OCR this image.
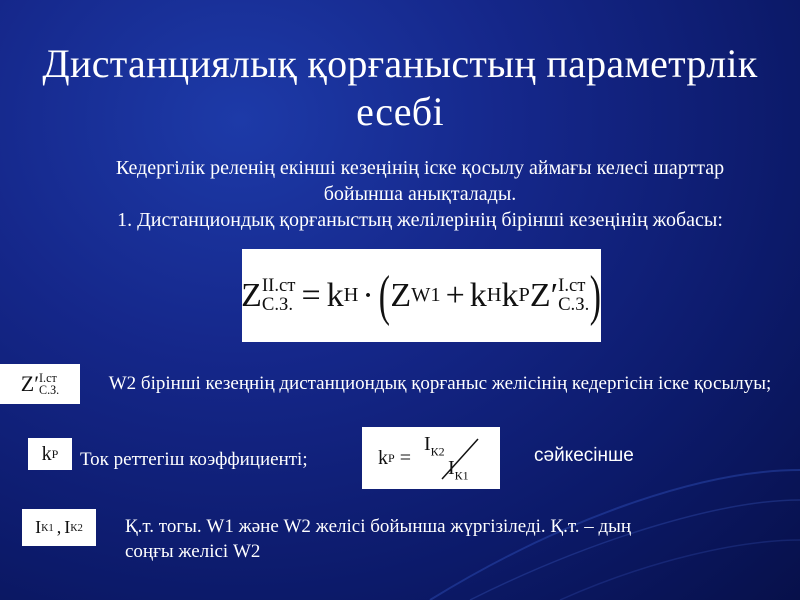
Дистанциялық қорғаныстың параметрлік
есебі
Кедергілік реленің екінші кезеңінің іске қосылу аймағы келесі шарттар
бойынша анықталады.
1. Дистанциондық қорғаныстың желілерінің бірінші кезеңінің жобасы:
Z II.ст
С.З. = k Н · ( Z W1 + k Н k Р Z′ I.ст
С.З. )
Z′ I.ст
С.З.	W2 бірінші кезеңнің дистанциондық қорғаныс желісінің кедергісін іске қосылуы;
k Р Ток реттегіш коэффициенті;	k Р =
$I_{К2}$
$I_{К1}$
сәйкесінше
I К1 , I К2 Қ.т. тогы. W1 және W2 желісі бойынша жүргізіледі. Қ.т. – дың
соңғы желісі W2
